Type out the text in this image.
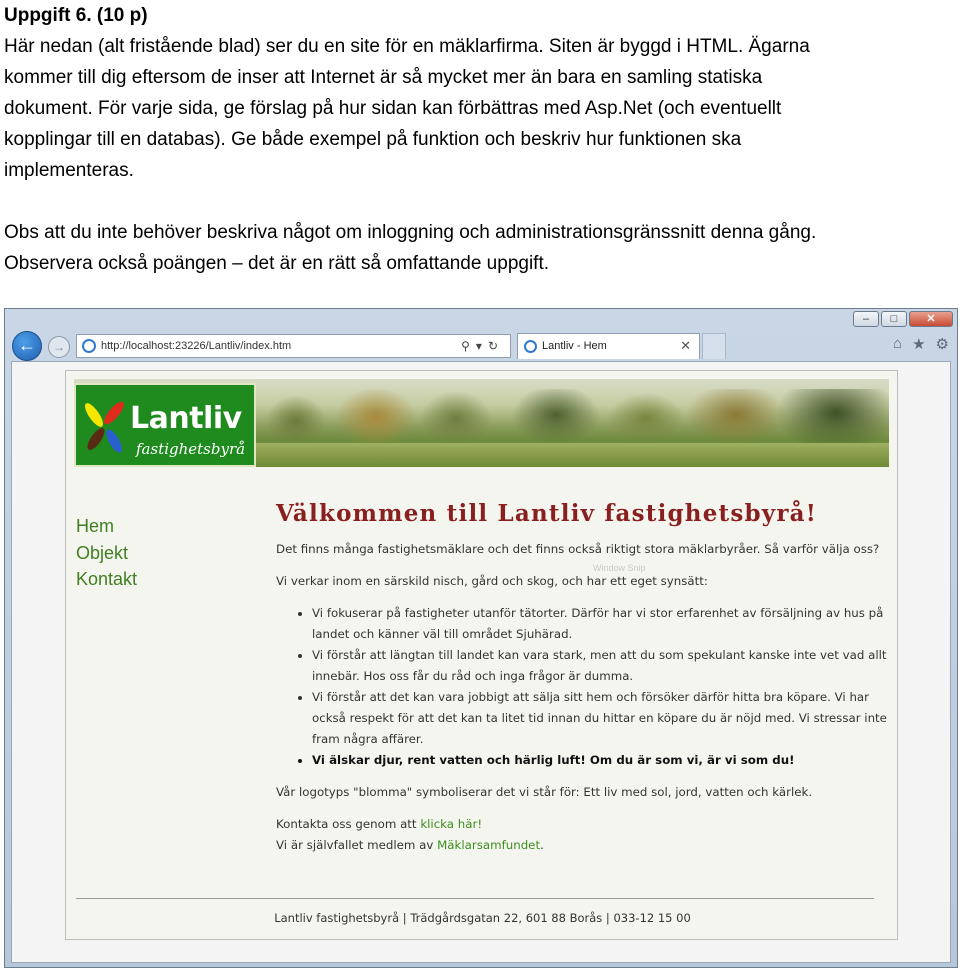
Uppgift 6. (10 p)

Här nedan (alt fristående blad) ser du en site för en mäklarfirma. Siten är byggd i HTML. Ägarna

kommer till dig eftersom de inser att Internet är så mycket mer än bara en samling statiska

dokument. För varje sida, ge förslag på hur sidan kan förbättras med Asp.Net (och eventuellt

kopplingar till en databas). Ge både exempel på funktion och beskriv hur funktionen ska

implementeras.

Obs att du inte behöver beskriva något om inloggning och administrationsgränssnitt denna gång.

Observera också poängen – det är en rätt så omfattande uppgift.

–	□	✕
←	→	http://localhost:23226/Lantliv/index.htm	⚲▾↻	Lantliv - Hem	✕	⌂ ★ ⚙
Lantliv
fastighetsbyrå
Hem
Objekt
Kontakt
Välkommen till Lantliv fastighetsbyrå!

Det finns många fastighetsmäklare och det finns också riktigt stora mäklarbyråer. Så varför välja oss?

Vi verkar inom en särskild nisch, gård och skog, och har ett eget synsätt:

• Vi fokuserar på fastigheter utanför tätorter. Därför har vi stor erfarenhet av försäljning av hus på landet och känner väl till området Sjuhärad.
• Vi förstår att längtan till landet kan vara stark, men att du som spekulant kanske inte vet vad allt innebär. Hos oss får du råd och inga frågor är dumma.
• Vi förstår att det kan vara jobbigt att sälja sitt hem och försöker därför hitta bra köpare. Vi har också respekt för att det kan ta litet tid innan du hittar en köpare du är nöjd med. Vi stressar inte fram några affärer.
• Vi älskar djur, rent vatten och härlig luft! Om du är som vi, är vi som du!

Vår logotyps "blomma" symboliserar det vi står för: Ett liv med sol, jord, vatten och kärlek.

Kontakta oss genom att klicka här!

Vi är självfallet medlem av Mäklarsamfundet.

Window Snip
Lantliv fastighetsbyrå | Trädgårdsgatan 22, 601 88 Borås | 033-12 15 00
